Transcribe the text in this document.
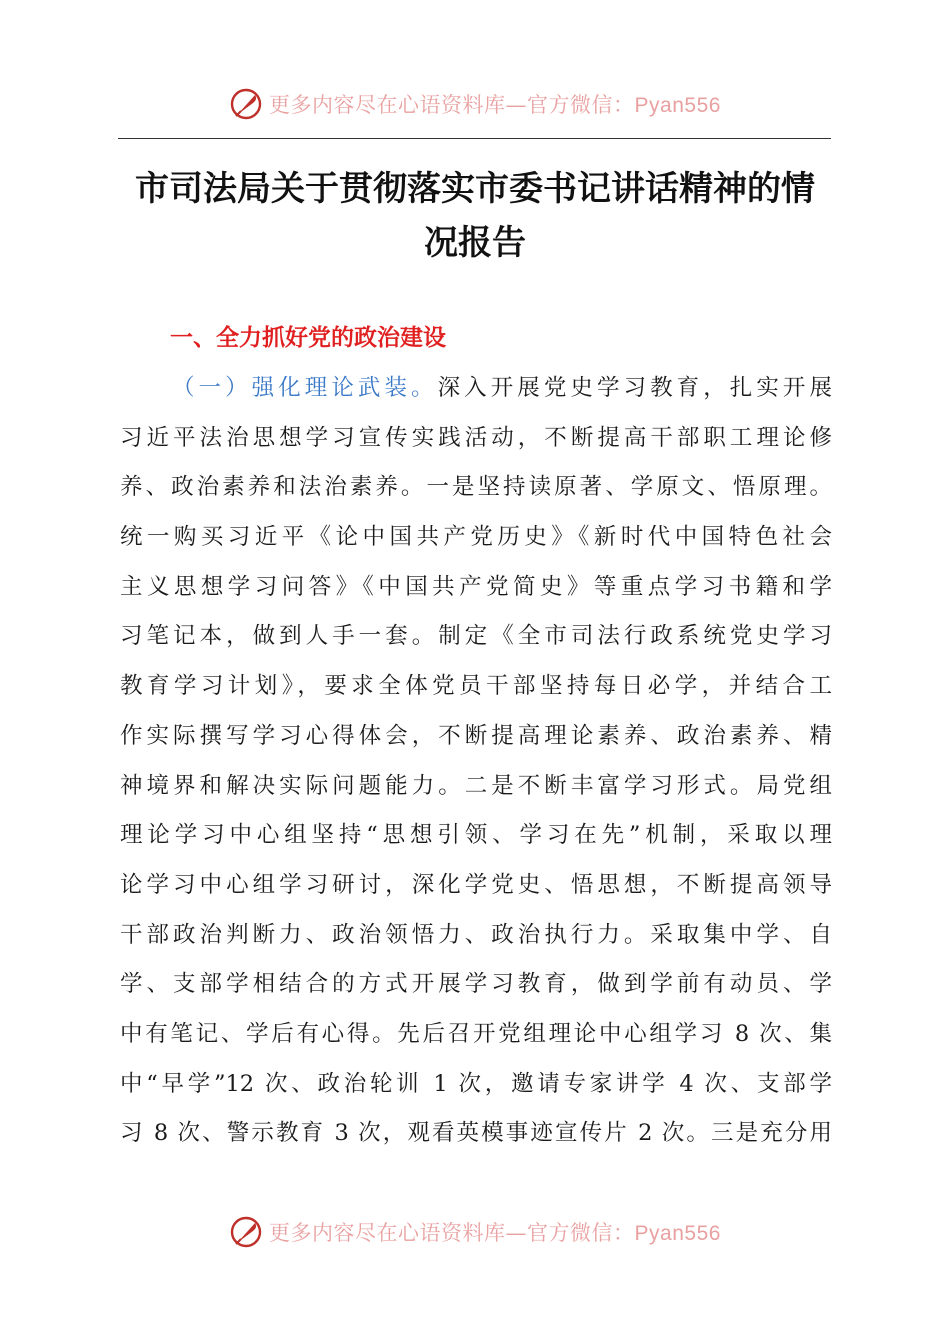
更多内容尽在心语资料库—官方微信：Pyan556
市司法局关于贯彻落实市委书记讲话精神的情
况报告
一、全力抓好党的政治建设
（一）强化理论武装。深入开展党史学习教育，扎实开展
习近平法治思想学习宣传实践活动，不断提高干部职工理论修
养、政治素养和法治素养。一是坚持读原著、学原文、悟原理。
统一购买习近平《论中国共产党历史》《新时代中国特色社会
主义思想学习问答》《中国共产党简史》等重点学习书籍和学
习笔记本，做到人手一套。制定《全市司法行政系统党史学习
教育学习计划》，要求全体党员干部坚持每日必学，并结合工
作实际撰写学习心得体会，不断提高理论素养、政治素养、精
神境界和解决实际问题能力。二是不断丰富学习形式。局党组
理论学习中心组坚持“思想引领、学习在先”机制，采取以理
论学习中心组学习研讨，深化学党史、悟思想，不断提高领导
干部政治判断力、政治领悟力、政治执行力。采取集中学、自
学、支部学相结合的方式开展学习教育，做到学前有动员、学
中有笔记、学后有心得。先后召开党组理论中心组学习 8 次、集
中“早学”12 次、政治轮训 1 次，邀请专家讲学 4 次、支部学
习 8 次、警示教育 3 次，观看英模事迹宣传片 2 次。三是充分用
更多内容尽在心语资料库—官方微信：Pyan556
